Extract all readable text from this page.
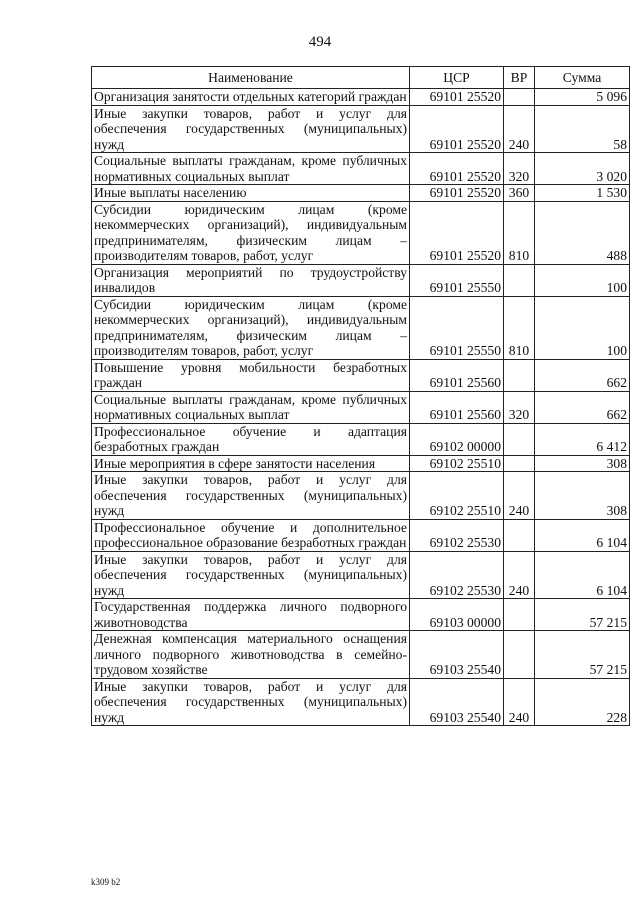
494
Наименование	ЦСР	ВР	Сумма
Организация занятости отдельных категорий граждан	69101 25520		5 096
Иные закупки товаров, работ и услуг для обеспечения государственных (муниципальных) нужд	69101 25520	240	58
Социальные выплаты гражданам, кроме публичных нормативных социальных выплат	69101 25520	320	3 020
Иные выплаты населению	69101 25520	360	1 530
Субсидии юридическим лицам (кроме некоммерческих организаций), индивидуальным предпринимателям, физическим лицам – производителям товаров, работ, услуг	69101 25520	810	488
Организация мероприятий по трудоустройству инвалидов	69101 25550		100
Субсидии юридическим лицам (кроме некоммерческих организаций), индивидуальным предпринимателям, физическим лицам – производителям товаров, работ, услуг	69101 25550	810	100
Повышение уровня мобильности безработных граждан	69101 25560		662
Социальные выплаты гражданам, кроме публичных нормативных социальных выплат	69101 25560	320	662
Профессиональное обучение и адаптация безработных граждан	69102 00000		6 412
Иные мероприятия в сфере занятости населения	69102 25510		308
Иные закупки товаров, работ и услуг для обеспечения государственных (муниципальных) нужд	69102 25510	240	308
Профессиональное обучение и дополнительное профессиональное образование безработных граждан	69102 25530		6 104
Иные закупки товаров, работ и услуг для обеспечения государственных (муниципальных) нужд	69102 25530	240	6 104
Государственная поддержка личного подворного животноводства	69103 00000		57 215
Денежная компенсация материального оснащения личного подворного животноводства в семейно-трудовом хозяйстве	69103 25540		57 215
Иные закупки товаров, работ и услуг для обеспечения государственных (муниципальных) нужд	69103 25540	240	228
k309 b2
